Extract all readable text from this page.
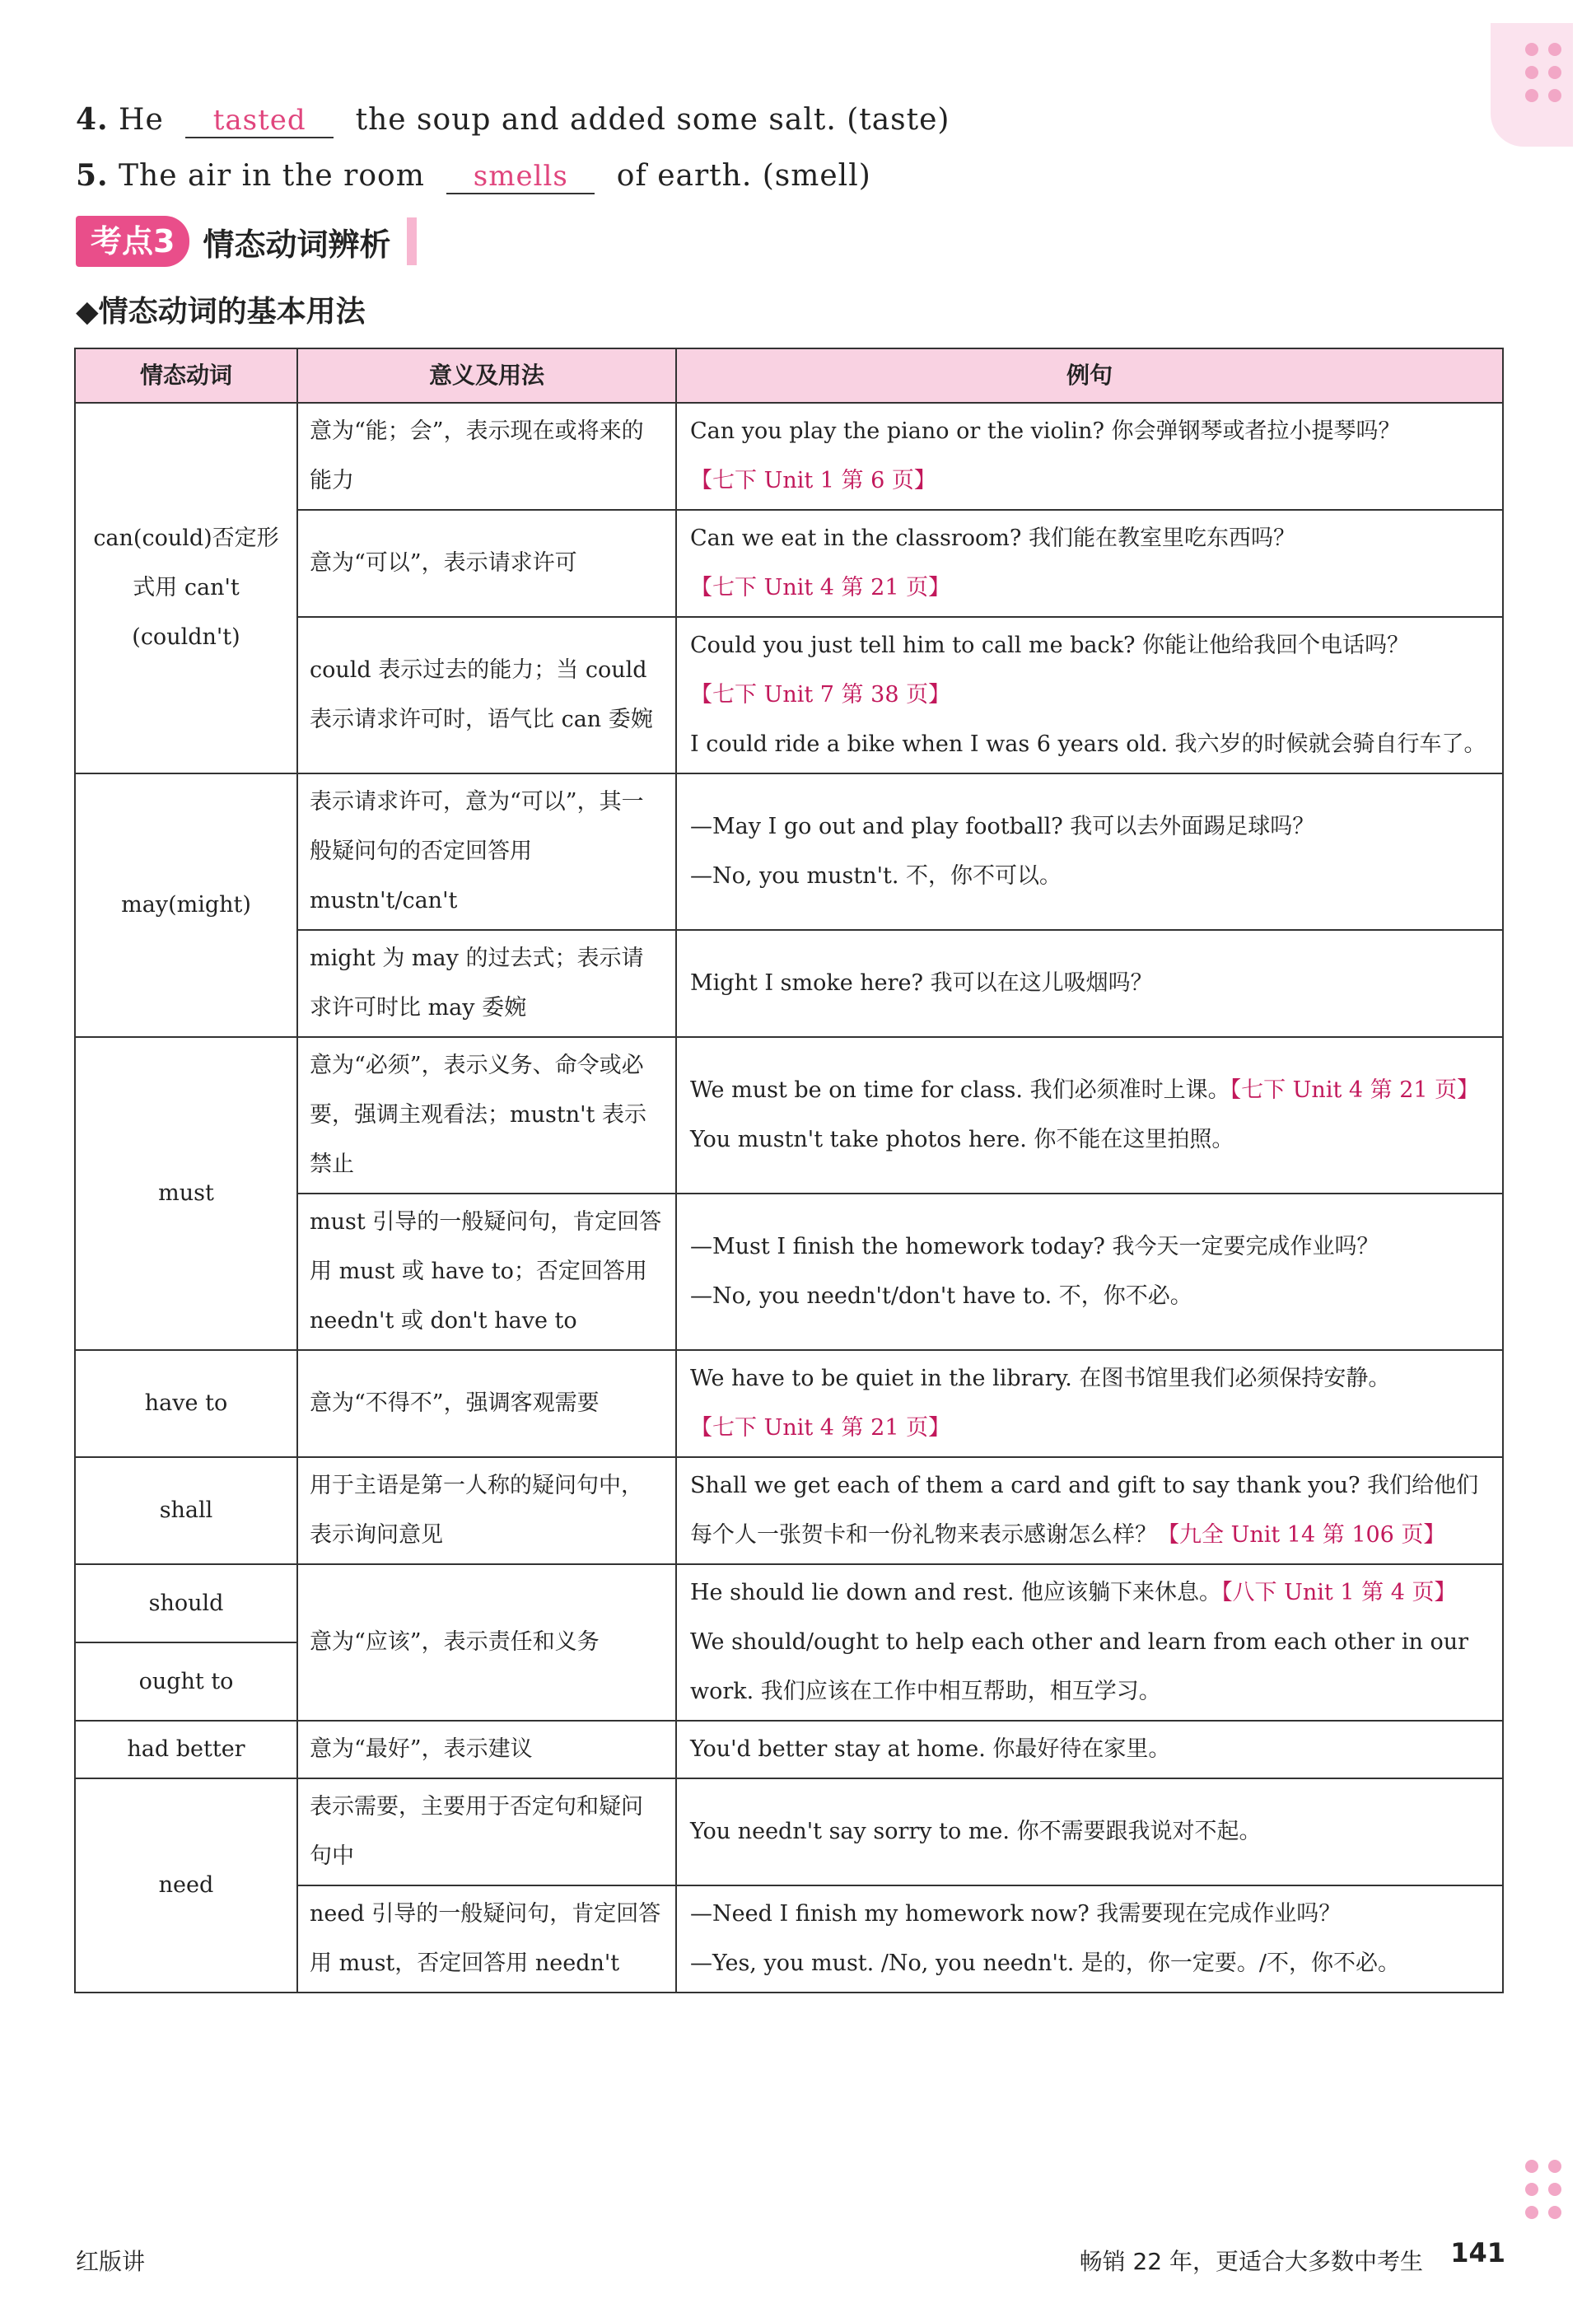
4. He tasted the soup and added some salt. (taste)
5. The air in the room smells of earth. (smell)
考点3 情态动词辨析
◆情态动词的基本用法
情态动词	意义及用法	例句
can(could)否定形式用 can't (couldn't)	意为“能；会”，表示现在或将来的能力	Can you play the piano or the violin? 你会弹钢琴或者拉小提琴吗？
【七下 Unit 1 第 6 页】

	意为“可以”，表示请求许可	Can we eat in the classroom? 我们能在教室里吃东西吗？
【七下 Unit 4 第 21 页】

	could 表示过去的能力；当 could 表示请求许可时，语气比 can 委婉	Could you just tell him to call me back? 你能让他给我回个电话吗？
【七下 Unit 7 第 38 页】
I could ride a bike when I was 6 years old. 我六岁的时候就会骑自行车了。

may(might)	表示请求许可，意为“可以”，其一般疑问句的否定回答用 mustn't/can't	—May I go out and play football? 我可以去外面踢足球吗？
—No, you mustn't. 不，你不可以。

	might 为 may 的过去式；表示请求许可时比 may 委婉	Might I smoke here? 我可以在这儿吸烟吗？
must	意为“必须”，表示义务、命令或必要，强调主观看法；mustn't 表示禁止	We must be on time for class. 我们必须准时上课。【七下 Unit 4 第 21 页】
You mustn't take photos here. 你不能在这里拍照。

	must 引导的一般疑问句，肯定回答用 must 或 have to；否定回答用 needn't 或 don't have to	—Must I finish the homework today? 我今天一定要完成作业吗？
—No, you needn't/don't have to. 不，你不必。

have to	意为“不得不”，强调客观需要	We have to be quiet in the library. 在图书馆里我们必须保持安静。
【七下 Unit 4 第 21 页】

shall	用于主语是第一人称的疑问句中，表示询问意见	Shall we get each of them a card and gift to say thank you? 我们给他们每个人一张贺卡和一份礼物来表示感谢怎么样？【九全 Unit 14 第 106 页】
should	意为“应该”，表示责任和义务	He should lie down and rest. 他应该躺下来休息。【八下 Unit 1 第 4 页】
We should/ought to help each other and learn from each other in our work. 我们应该在工作中相互帮助，相互学习。

ought to		
had better	意为“最好”，表示建议	You'd better stay at home. 你最好待在家里。
need	表示需要，主要用于否定句和疑问句中	You needn't say sorry to me. 你不需要跟我说对不起。
	need 引导的一般疑问句，肯定回答用 must，否定回答用 needn't	—Need I finish my homework now? 我需要现在完成作业吗？
—Yes, you must. /No, you needn't. 是的，你一定要。/不，你不必。
红版讲	畅销 22 年，更适合大多数中考生 141
